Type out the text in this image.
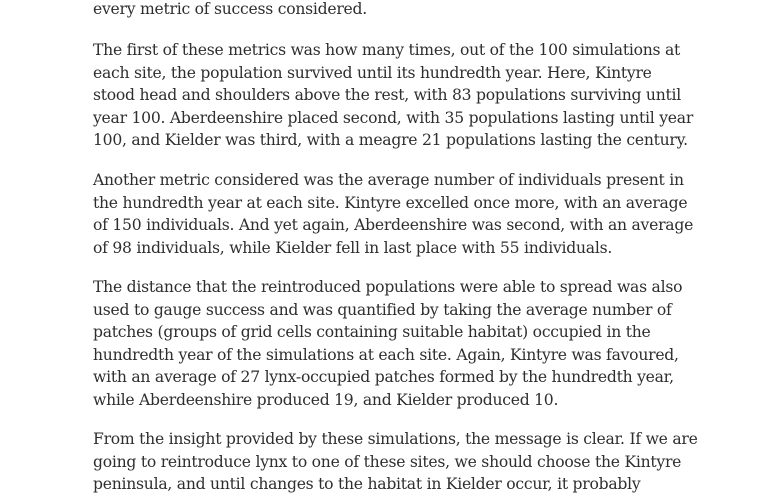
every metric of success considered.

The first of these metrics was how many times, out of the 100 simulations at
each site, the population survived until its hundredth year. Here, Kintyre
stood head and shoulders above the rest, with 83 populations surviving until
year 100. Aberdeenshire placed second, with 35 populations lasting until year
100, and Kielder was third, with a meagre 21 populations lasting the century.

Another metric considered was the average number of individuals present in
the hundredth year at each site. Kintyre excelled once more, with an average
of 150 individuals. And yet again, Aberdeenshire was second, with an average
of 98 individuals, while Kielder fell in last place with 55 individuals.

The distance that the reintroduced populations were able to spread was also
used to gauge success and was quantified by taking the average number of
patches (groups of grid cells containing suitable habitat) occupied in the
hundredth year of the simulations at each site. Again, Kintyre was favoured,
with an average of 27 lynx-occupied patches formed by the hundredth year,
while Aberdeenshire produced 19, and Kielder produced 10.

From the insight provided by these simulations, the message is clear. If we are
going to reintroduce lynx to one of these sites, we should choose the Kintyre
peninsula, and until changes to the habitat in Kielder occur, it probably
